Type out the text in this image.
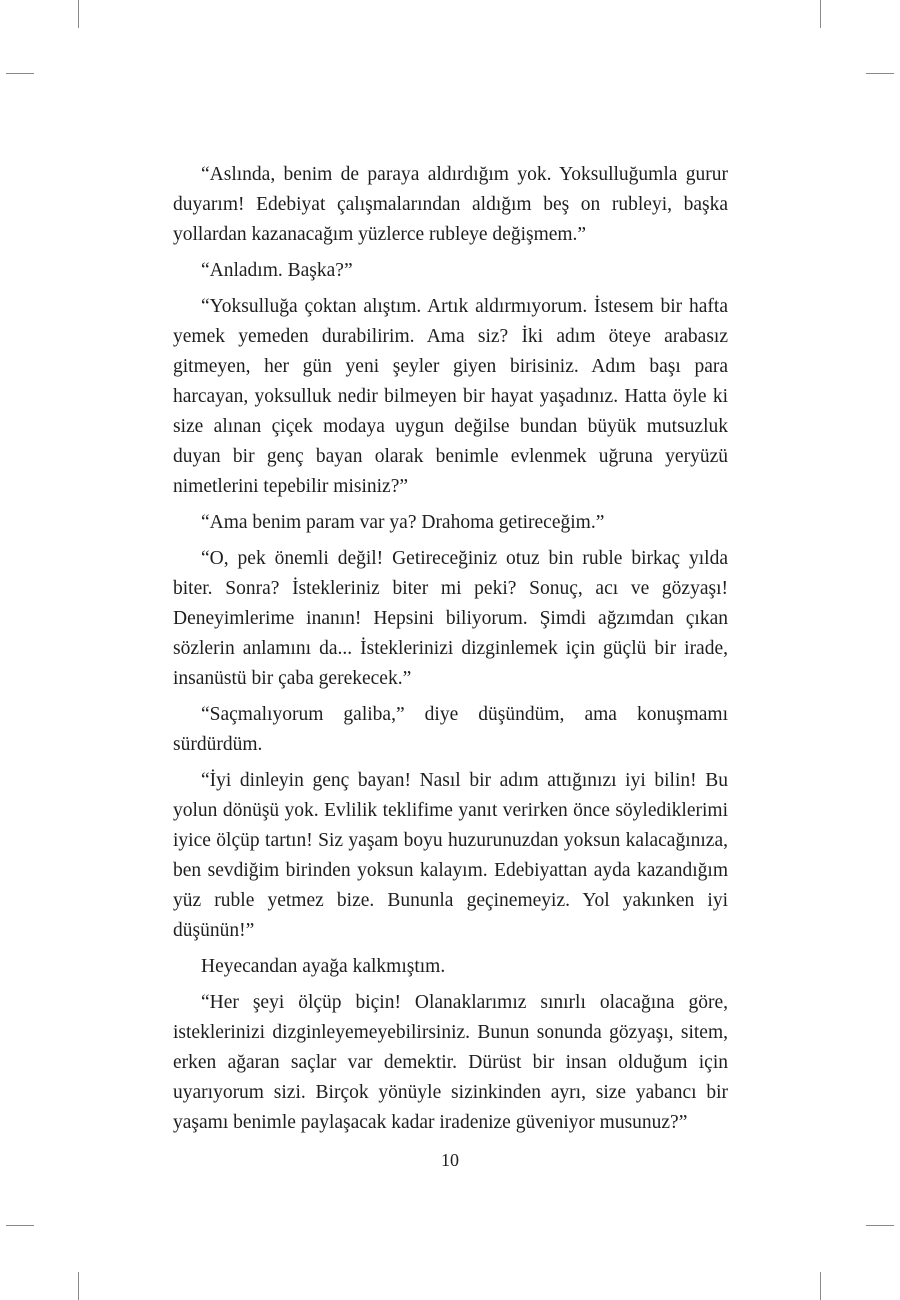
“Aslında, benim de paraya aldırdığım yok. Yoksulluğumla gurur duyarım! Edebiyat çalışmalarından aldığım beş on rubleyi, başka yollardan kazanacağım yüzlerce rubleye değişmem.”

“Anladım. Başka?”

“Yoksulluğa çoktan alıştım. Artık aldırmıyorum. İstesem bir hafta yemek yemeden durabilirim. Ama siz? İki adım öteye arabasız gitmeyen, her gün yeni şeyler giyen birisiniz. Adım başı para harcayan, yoksulluk nedir bilmeyen bir hayat yaşadınız. Hatta öyle ki size alınan çiçek modaya uygun değilse bundan büyük mutsuzluk duyan bir genç bayan olarak benimle evlenmek uğruna yeryüzü nimetlerini tepebilir misiniz?”

“Ama benim param var ya? Drahoma getireceğim.”

“O, pek önemli değil! Getireceğiniz otuz bin ruble birkaç yılda biter. Sonra? İstekleriniz biter mi peki? Sonuç, acı ve gözyaşı! Deneyimlerime inanın! Hepsini biliyorum. Şimdi ağzımdan çıkan sözlerin anlamını da... İsteklerinizi dizginlemek için güçlü bir irade, insanüstü bir çaba gerekecek.”

“Saçmalıyorum galiba,” diye düşündüm, ama konuşmamı sürdürdüm.

“İyi dinleyin genç bayan! Nasıl bir adım attığınızı iyi bilin! Bu yolun dönüşü yok. Evlilik teklifime yanıt verirken önce söylediklerimi iyice ölçüp tartın! Siz yaşam boyu huzurunuzdan yoksun kalacağınıza, ben sevdiğim birinden yoksun kalayım. Edebiyattan ayda kazandığım yüz ruble yetmez bize. Bununla geçinemeyiz. Yol yakınken iyi düşünün!”

Heyecandan ayağa kalkmıştım.

“Her şeyi ölçüp biçin! Olanaklarımız sınırlı olacağına göre, isteklerinizi dizginleyemeyebilirsiniz. Bunun sonunda gözyaşı, sitem, erken ağaran saçlar var demektir. Dürüst bir insan olduğum için uyarıyorum sizi. Birçok yönüyle sizinkinden ayrı, size yabancı bir yaşamı benimle paylaşacak kadar iradenize güveniyor musunuz?”

10
